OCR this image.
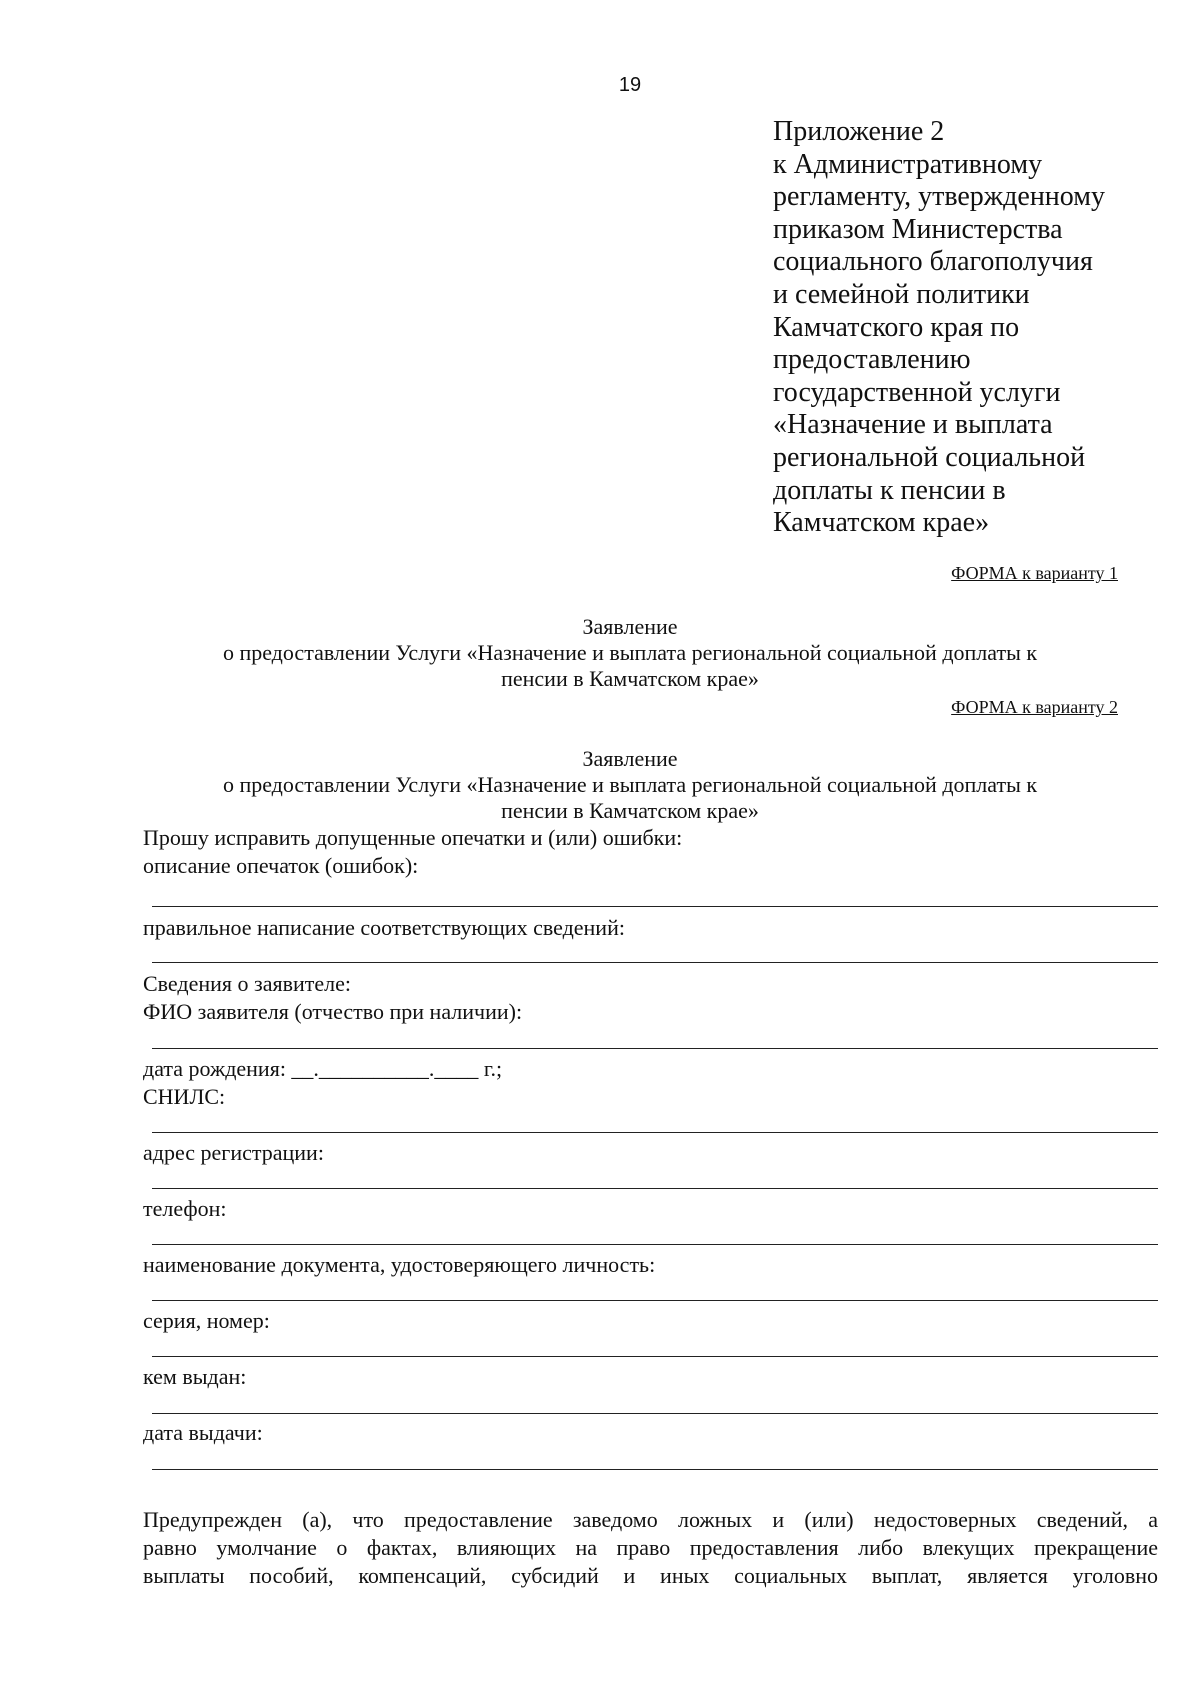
19
Приложение 2
к Административному
регламенту, утвержденному
приказом Министерства
социального благополучия
и семейной политики
Камчатского края по
предоставлению
государственной услуги
«Назначение и выплата
региональной социальной
доплаты к пенсии в
Камчатском крае»
ФОРМА к варианту 1
Заявление
о предоставлении Услуги «Назначение и выплата региональной социальной доплаты к
пенсии в Камчатском крае»
ФОРМА к варианту 2
Заявление
о предоставлении Услуги «Назначение и выплата региональной социальной доплаты к
пенсии в Камчатском крае»
Прошу исправить допущенные опечатки и (или) ошибки:
описание опечаток (ошибок):
правильное написание соответствующих сведений:
Сведения о заявителе:
ФИО заявителя (отчество при наличии):
дата рождения: __.__________.____ г.;
СНИЛС:
адрес регистрации:
телефон:
наименование документа, удостоверяющего личность:
серия, номер:
кем выдан:
дата выдачи:
Предупрежден (а), что предоставление заведомо ложных и (или) недостоверных сведений, а
равно умолчание о фактах, влияющих на право предоставления либо влекущих прекращение
выплаты пособий, компенсаций, субсидий и иных социальных выплат, является уголовно
